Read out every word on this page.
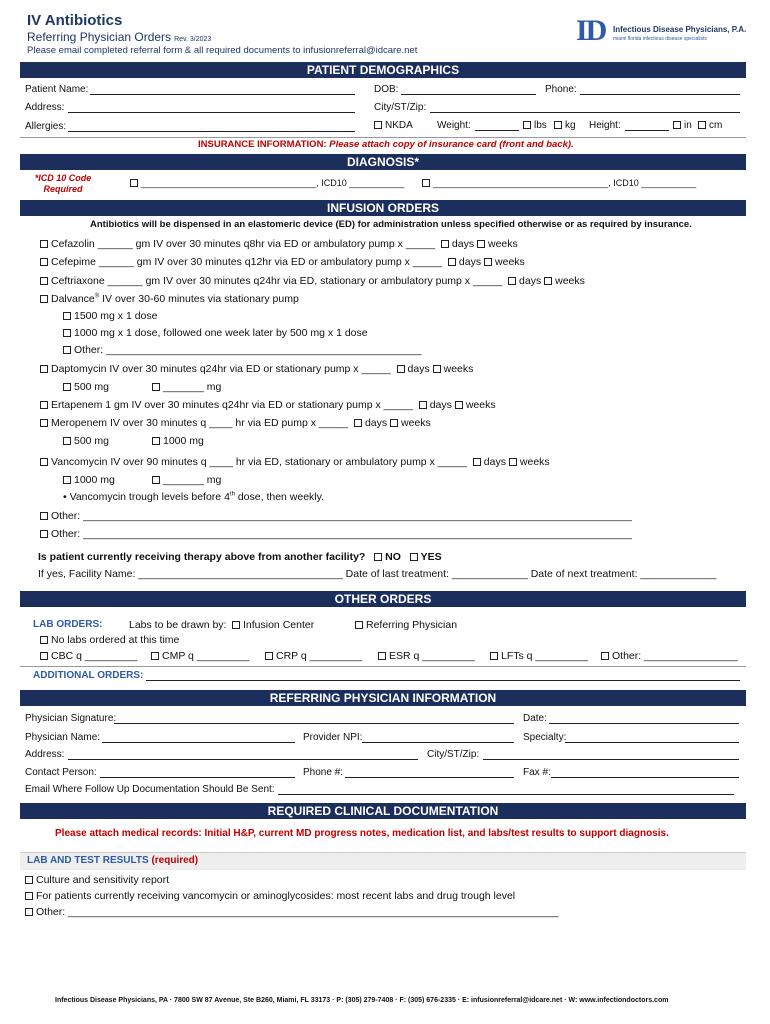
IV Antibiotics
Referring Physician Orders Rev. 3/2023
Please email completed referral form & all required documents to infusionreferral@idcare.net
ID Infectious Disease Physicians, P.A.
miami florida infectious disease specialists
PATIENT DEMOGRAPHICS
Patient Name:	DOB:	Phone:
Address:	City/ST/Zip:
Allergies:	NKDA Weight:	lbs	kg Height:	in	cm
INSURANCE INFORMATION: Please attach copy of insurance card (front and back).
DIAGNOSIS*
*ICD 10 Code
Required
___________________________________, ICD10 ___________	___________________________________, ICD10 ___________
INFUSION ORDERS
Antibiotics will be dispensed in an elastomeric device (ED) for administration unless specified otherwise or as required by insurance.
Cefazolin ______ gm IV over 30 minutes q8hr via ED or ambulatory pump x _____ days weeks
Cefepime ______ gm IV over 30 minutes q12hr via ED or ambulatory pump x _____ days weeks
Ceftriaxone ______ gm IV over 30 minutes q24hr via ED, stationary or ambulatory pump x _____ days weeks
Dalvance® IV over 30-60 minutes via stationary pump
1500 mg x 1 dose
1000 mg x 1 dose, followed one week later by 500 mg x 1 dose
Other: ______________________________________________________
Daptomycin IV over 30 minutes q24hr via ED or stationary pump x _____ days weeks
500 mg	_______ mg
Ertapenem 1 gm IV over 30 minutes q24hr via ED or stationary pump x _____ days weeks
Meropenem IV over 30 minutes q ____ hr via ED pump x _____ days weeks
500 mg	1000 mg
Vancomycin IV over 90 minutes q ____ hr via ED, stationary or ambulatory pump x _____ days weeks
1000 mg	_______ mg
• Vancomycin trough levels before 4th dose, then weekly.
Other: ______________________________________________________________________________________________
Other: ______________________________________________________________________________________________
Is patient currently receiving therapy above from another facility? NO YES
If yes, Facility Name: ___________________________________ Date of last treatment: _____________ Date of next treatment: _____________
OTHER ORDERS
LAB ORDERS:	Labs to be drawn by:	Infusion Center	Referring Physician
No labs ordered at this time
CBC q _________	CMP q _________	CRP q _________	ESR q _________	LFTs q _________	Other: ________________
ADDITIONAL ORDERS:
REFERRING PHYSICIAN INFORMATION
Physician Signature:	Date:
Physician Name:	Provider NPI:	Specialty:
Address:	City/ST/Zip:
Contact Person:	Phone #:	Fax #:
Email Where Follow Up Documentation Should Be Sent:
REQUIRED CLINICAL DOCUMENTATION
Please attach medical records: Initial H&P, current MD progress notes, medication list, and labs/test results to support diagnosis.
LAB AND TEST RESULTS (required)
Culture and sensitivity report
For patients currently receiving vancomycin or aminoglycosides: most recent labs and drug trough level
Other: ____________________________________________________________________________________
Infectious Disease Physicians, PA · 7800 SW 87 Avenue, Ste B260, Miami, FL 33173 · P: (305) 279-7408 · F: (305) 676-2335 · E: infusionreferral@idcare.net · W: www.infectiondoctors.com
